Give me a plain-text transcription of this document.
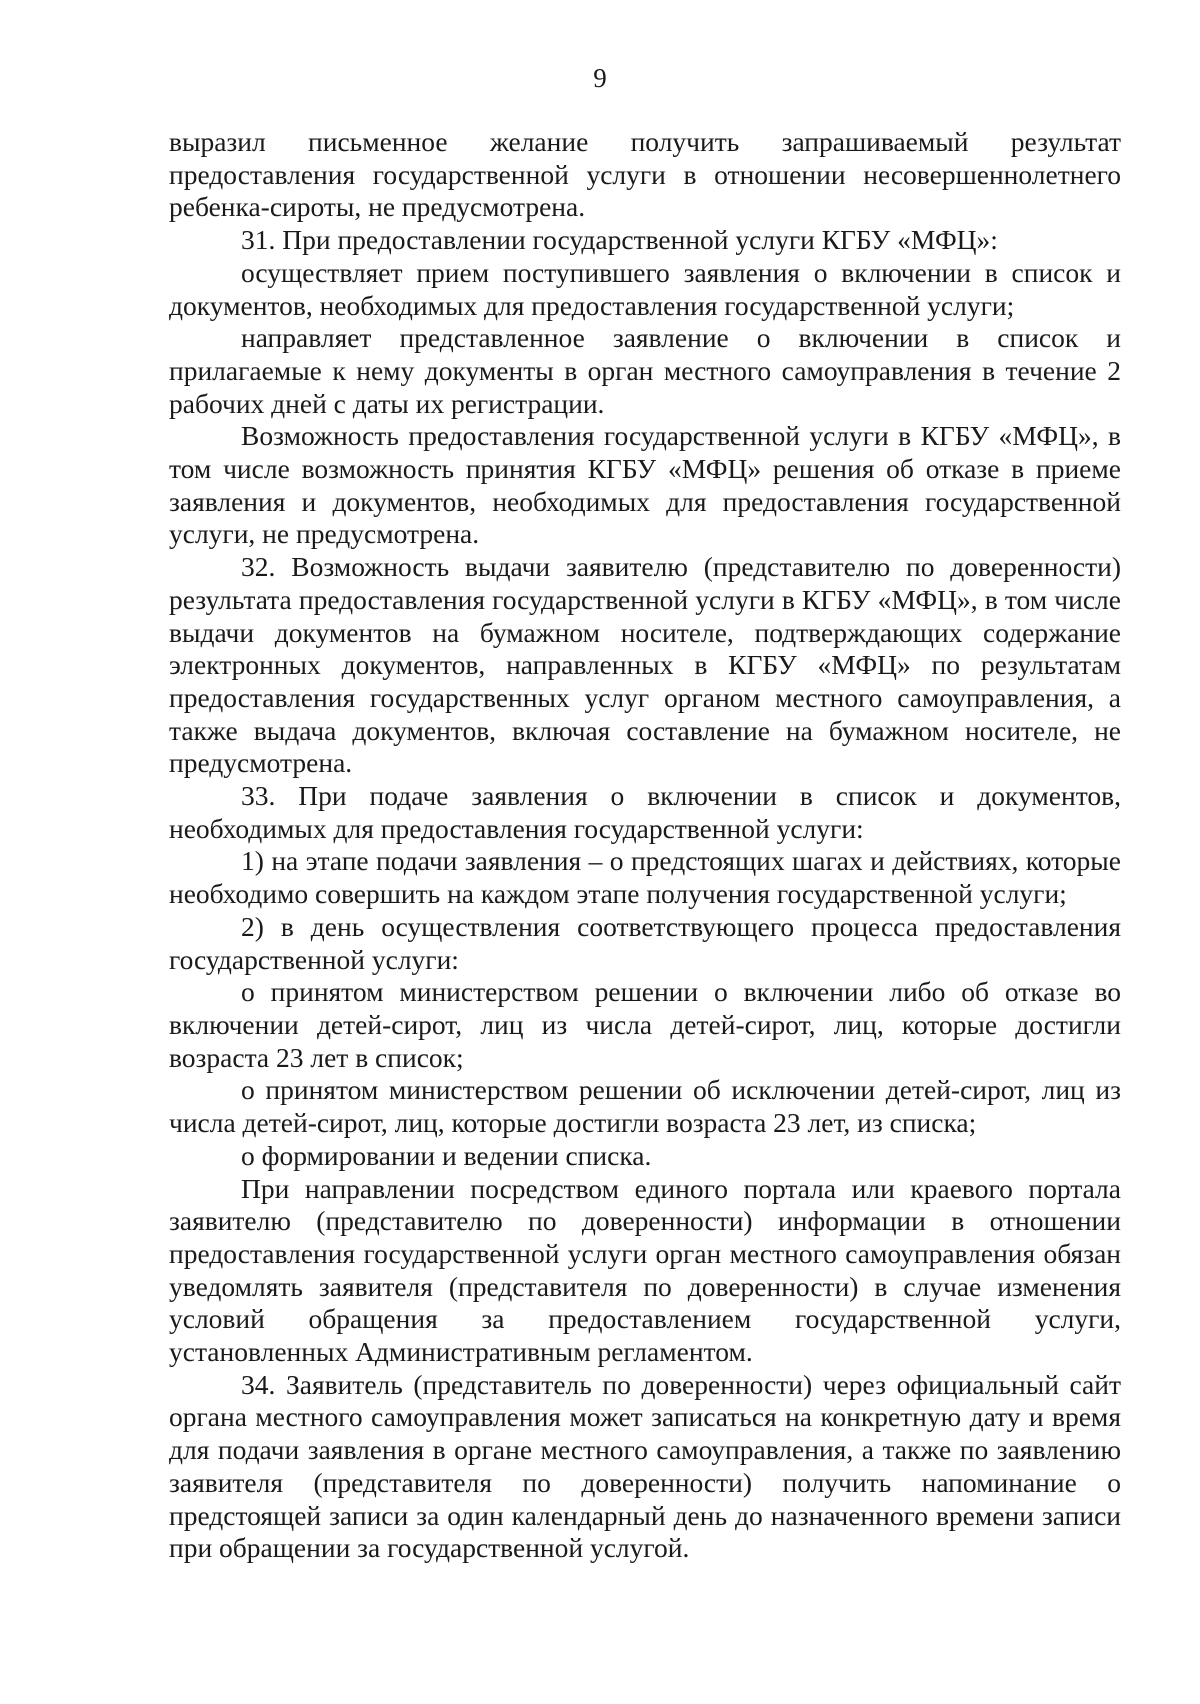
9

выразил письменное желание получить запрашиваемый результат предоставления государственной услуги в отношении несовершеннолетнего ребенка-сироты, не предусмотрена.

31. При предоставлении государственной услуги КГБУ «МФЦ»:

осуществляет прием поступившего заявления о включении в список и документов, необходимых для предоставления государственной услуги;

направляет представленное заявление о включении в список и прилагаемые к нему документы в орган местного самоуправления в течение 2 рабочих дней с даты их регистрации.

Возможность предоставления государственной услуги в КГБУ «МФЦ», в том числе возможность принятия КГБУ «МФЦ» решения об отказе в приеме заявления и документов, необходимых для предоставления государственной услуги, не предусмотрена.

32. Возможность выдачи заявителю (представителю по доверенности) результата предоставления государственной услуги в КГБУ «МФЦ», в том числе выдачи документов на бумажном носителе, подтверждающих содержание электронных документов, направленных в КГБУ «МФЦ» по результатам предоставления государственных услуг органом местного самоуправления, а также выдача документов, включая составление на бумажном носителе, не предусмотрена.

33. При подаче заявления о включении в список и документов, необходимых для предоставления государственной услуги:

1) на этапе подачи заявления – о предстоящих шагах и действиях, которые необходимо совершить на каждом этапе получения государственной услуги;

2) в день осуществления соответствующего процесса предоставления государственной услуги:

о принятом министерством решении о включении либо об отказе во включении детей-сирот, лиц из числа детей-сирот, лиц, которые достигли возраста 23 лет в список;

о принятом министерством решении об исключении детей-сирот, лиц из числа детей-сирот, лиц, которые достигли возраста 23 лет, из списка;

о формировании и ведении списка.

При направлении посредством единого портала или краевого портала заявителю (представителю по доверенности) информации в отношении предоставления государственной услуги орган местного самоуправления обязан уведомлять заявителя (представителя по доверенности) в случае изменения условий обращения за предоставлением государственной услуги, установленных Административным регламентом.

34. Заявитель (представитель по доверенности) через официальный сайт органа местного самоуправления может записаться на конкретную дату и время для подачи заявления в органе местного самоуправления, а также по заявлению заявителя (представителя по доверенности) получить напоминание о предстоящей записи за один календарный день до назначенного времени записи при обращении за государственной услугой.
